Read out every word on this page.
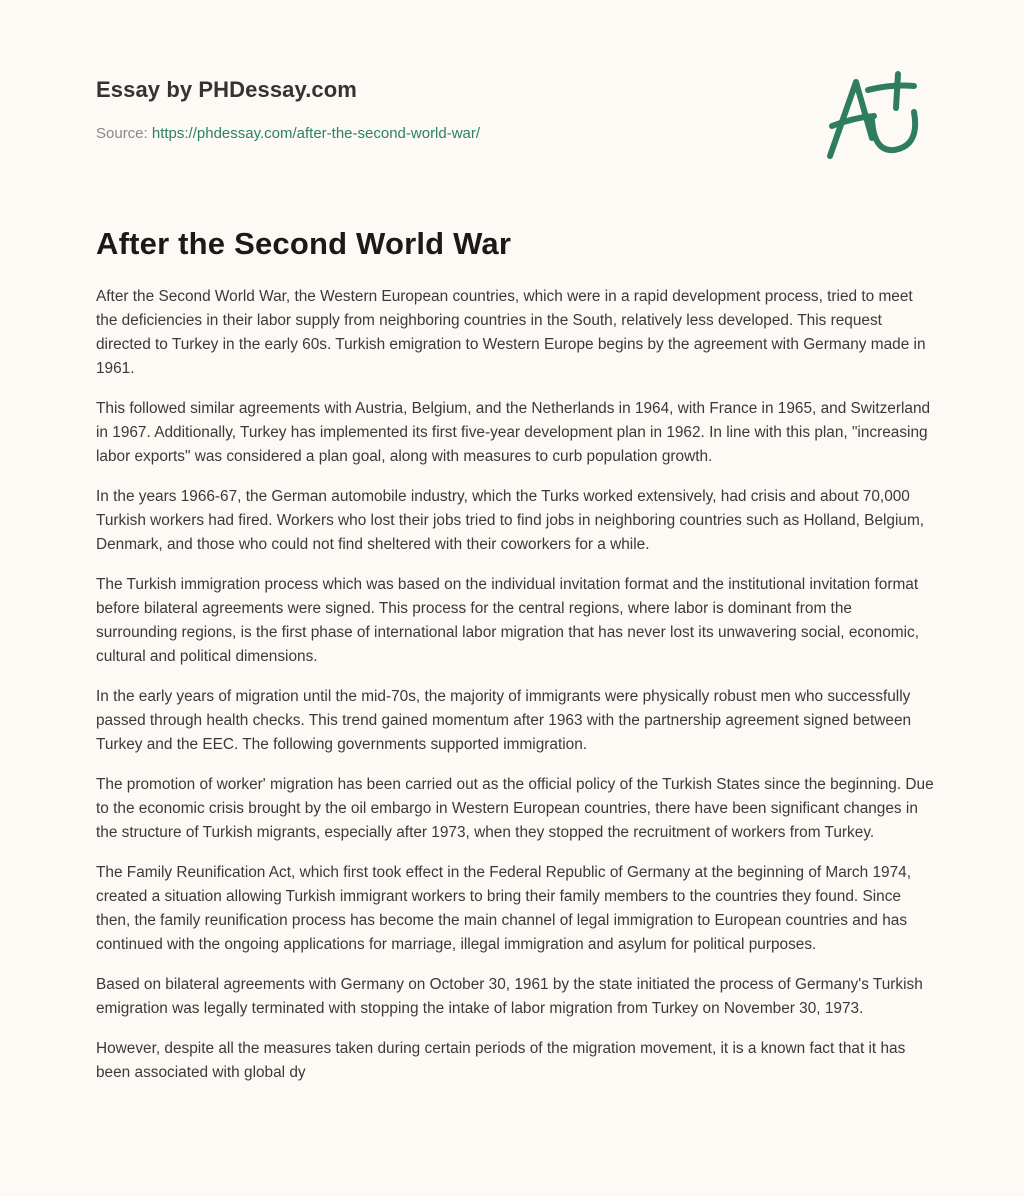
Essay by PHDessay.com
Source: https://phdessay.com/after-the-second-world-war/
After the Second World War

After the Second World War, the Western European countries, which were in a rapid development process, tried to meet the deficiencies in their labor supply from neighboring countries in the South, relatively less developed. This request directed to Turkey in the early 60s. Turkish emigration to Western Europe begins by the agreement with Germany made in 1961.

This followed similar agreements with Austria, Belgium, and the Netherlands in 1964, with France in 1965, and Switzerland in 1967. Additionally, Turkey has implemented its first five-year development plan in 1962. In line with this plan, "increasing labor exports" was considered a plan goal, along with measures to curb population growth.

In the years 1966-67, the German automobile industry, which the Turks worked extensively, had crisis and about 70,000 Turkish workers had fired. Workers who lost their jobs tried to find jobs in neighboring countries such as Holland, Belgium, Denmark, and those who could not find sheltered with their coworkers for a while.

The Turkish immigration process which was based on the individual invitation format and the institutional invitation format before bilateral agreements were signed. This process for the central regions, where labor is dominant from the surrounding regions, is the first phase of international labor migration that has never lost its unwavering social, economic, cultural and political dimensions.

In the early years of migration until the mid-70s, the majority of immigrants were physically robust men who successfully passed through health checks. This trend gained momentum after 1963 with the partnership agreement signed between Turkey and the EEC. The following governments supported immigration.

The promotion of worker' migration has been carried out as the official policy of the Turkish States since the beginning. Due to the economic crisis brought by the oil embargo in Western European countries, there have been significant changes in the structure of Turkish migrants, especially after 1973, when they stopped the recruitment of workers from Turkey.

The Family Reunification Act, which first took effect in the Federal Republic of Germany at the beginning of March 1974, created a situation allowing Turkish immigrant workers to bring their family members to the countries they found. Since then, the family reunification process has become the main channel of legal immigration to European countries and has continued with the ongoing applications for marriage, illegal immigration and asylum for political purposes.

Based on bilateral agreements with Germany on October 30, 1961 by the state initiated the process of Germany's Turkish emigration was legally terminated with stopping the intake of labor migration from Turkey on November 30, 1973.

However, despite all the measures taken during certain periods of the migration movement, it is a known fact that it has been associated with global dy
